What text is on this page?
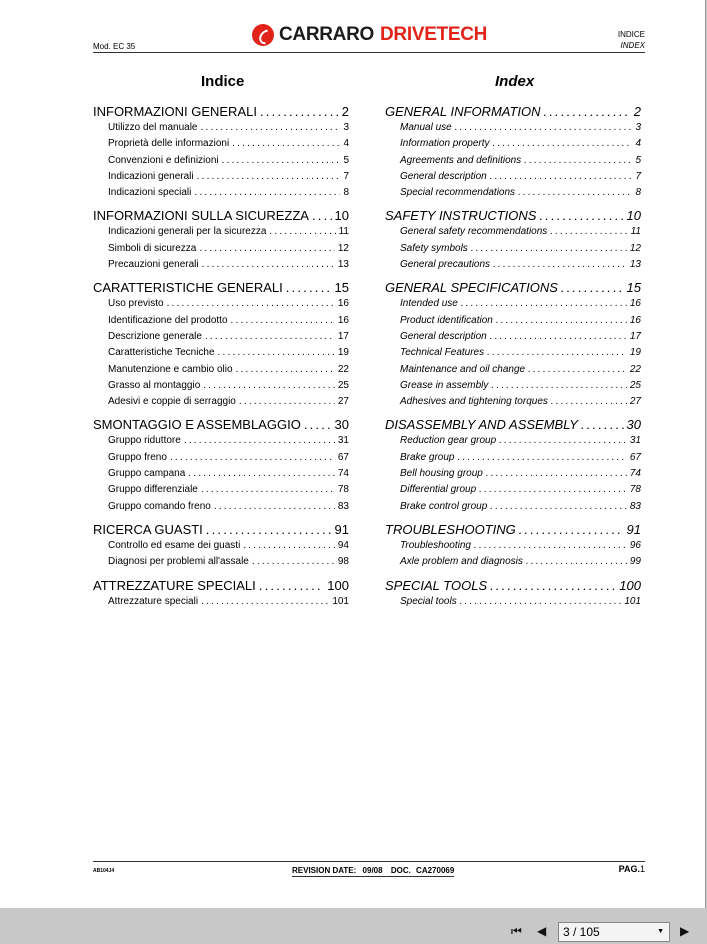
Mod. EC 35
CARRARO DRIVETECH	INDICE
INDEX
Indice	Index
INFORMAZIONI GENERALI .....	2
Utilizzo del manuale .....	3
Proprietà delle informazioni .....	4
Convenzioni e definizioni .....	5
Indicazioni generali .....	7
Indicazioni speciali .....	8
INFORMAZIONI SULLA SICUREZZA ..... 10
Indicazioni generali per la sicurezza .....	11
Simboli di sicurezza .....	12
Precauzioni generali .....	13
CARATTERISTICHE GENERALI .....	15
Uso previsto .....	16
Identificazione del prodotto .....	16
Descrizione generale .....	17
Caratteristiche Tecniche .....	19
Manutenzione e cambio olio .....	22
Grasso al montaggio .....	25
Adesivi e coppie di serraggio .....	27
SMONTAGGIO E ASSEMBLAGGIO .....	30
Gruppo riduttore .....	31
Gruppo freno .....	67
Gruppo campana .....	74
Gruppo differenziale .....	78
Gruppo comando freno .....	83
RICERCA GUASTI .....	91
Controllo ed esame dei guasti .....	94
Diagnosi per problemi all'assale .....	98
ATTREZZATURE SPECIALI .....	100
Attrezzature speciali .....	101
GENERAL INFORMATION .....	2
Manual use .....	3
Information property .....	4
Agreements and definitions .....	5
General description .....	7
Special recommendations .....	8
SAFETY INSTRUCTIONS .....	10
General safety recommendations .....	11
Safety symbols .....	12
General precautions .....	13
GENERAL SPECIFICATIONS .....	15
Intended use .....	16
Product identification .....	16
General description .....	17
Technical Features .....	19
Maintenance and oil change .....	22
Grease in assembly .....	25
Adhesives and tightening torques .....	27
DISASSEMBLY AND ASSEMBLY .....	30
Reduction gear group .....	31
Brake group .....	67
Bell housing group .....	74
Differential group .....	78
Brake control group .....	83
TROUBLESHOOTING .....	91
Troubleshooting .....	96
Axle problem and diagnosis .....	99
SPECIAL TOOLS .....	100
Special tools .....	101
AB104J4	REVISION DATE: 09/08 DOC. CA270069	PAG.1
⏮ ◀	▶
3 / 105	▼
